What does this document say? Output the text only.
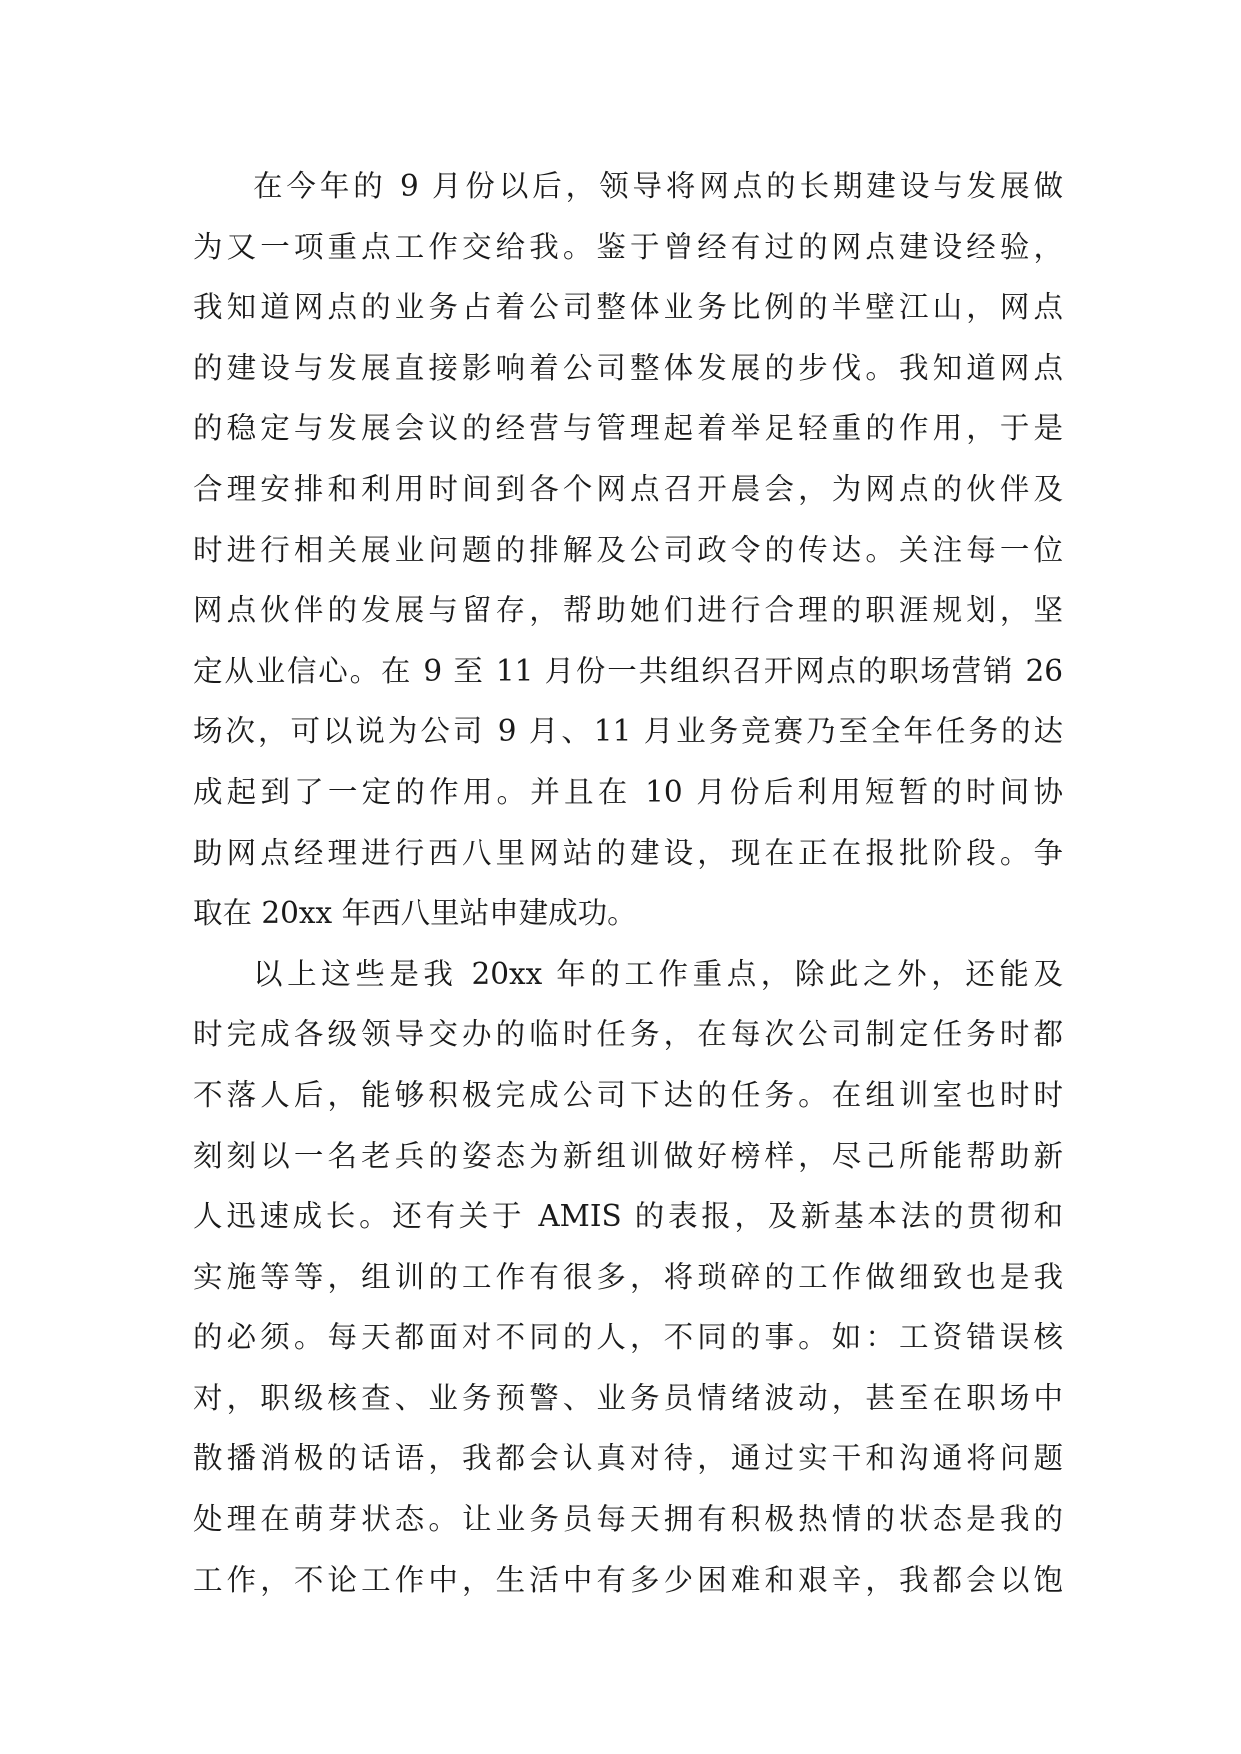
在今年的 9 月份以后，领导将网点的长期建设与发展做
为又一项重点工作交给我。鉴于曾经有过的网点建设经验，
我知道网点的业务占着公司整体业务比例的半壁江山，网点
的建设与发展直接影响着公司整体发展的步伐。我知道网点
的稳定与发展会议的经营与管理起着举足轻重的作用，于是
合理安排和利用时间到各个网点召开晨会，为网点的伙伴及
时进行相关展业问题的排解及公司政令的传达。关注每一位
网点伙伴的发展与留存，帮助她们进行合理的职涯规划，坚
定从业信心。在 9 至 11 月份一共组织召开网点的职场营销 26
场次，可以说为公司 9 月、11 月业务竞赛乃至全年任务的达
成起到了一定的作用。并且在 10 月份后利用短暂的时间协
助网点经理进行西八里网站的建设，现在正在报批阶段。争
取在 20xx 年西八里站申建成功。
以上这些是我 20xx 年的工作重点，除此之外，还能及
时完成各级领导交办的临时任务，在每次公司制定任务时都
不落人后，能够积极完成公司下达的任务。在组训室也时时
刻刻以一名老兵的姿态为新组训做好榜样，尽己所能帮助新
人迅速成长。还有关于 AMIS 的表报，及新基本法的贯彻和
实施等等，组训的工作有很多，将琐碎的工作做细致也是我
的必须。每天都面对不同的人，不同的事。如：工资错误核
对，职级核查、业务预警、业务员情绪波动，甚至在职场中
散播消极的话语，我都会认真对待，通过实干和沟通将问题
处理在萌芽状态。让业务员每天拥有积极热情的状态是我的
工作，不论工作中，生活中有多少困难和艰辛，我都会以饱
